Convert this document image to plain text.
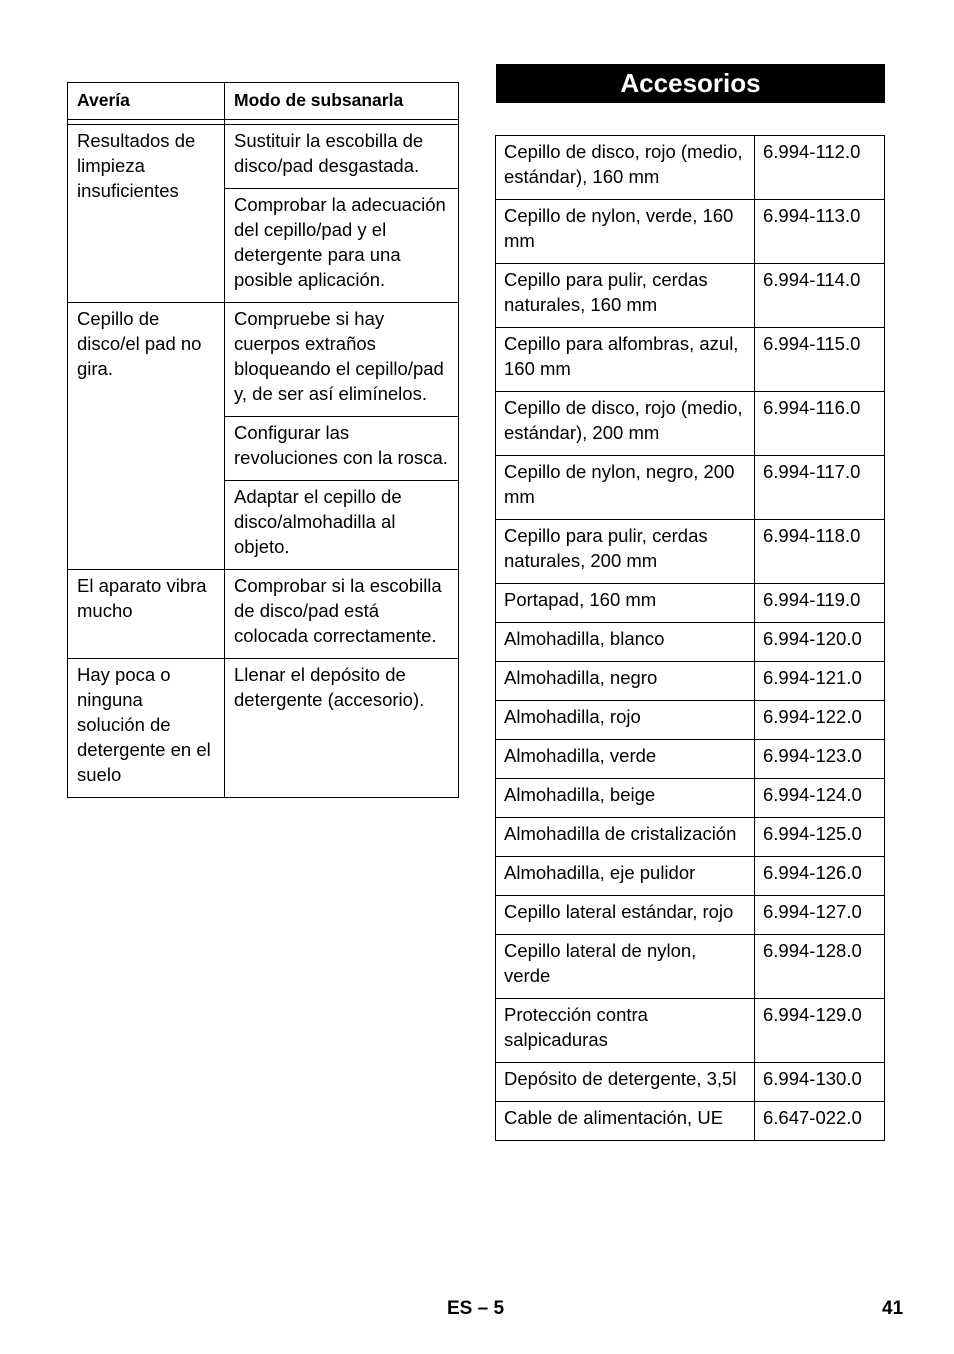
Avería	Modo de subsanarla

Resultados de limpieza insuficientes	Sustituir la escobilla de disco/pad desgastada.
	Comprobar la adecuación del cepillo/pad y el detergente para una posible aplicación.
Cepillo de disco/el pad no gira.	Compruebe si hay cuerpos extraños bloqueando el cepillo/pad y, de ser así elimínelos.
	Configurar las revoluciones con la rosca.
	Adaptar el cepillo de disco/almohadilla al objeto.
El aparato vibra mucho	Comprobar si la escobilla de disco/pad está colocada correctamente.
Hay poca o ninguna solución de detergente en el suelo	Llenar el depósito de detergente (accesorio).
Accesorios
Cepillo de disco, rojo (medio, estándar), 160 mm	6.994-112.0
Cepillo de nylon, verde, 160 mm	6.994-113.0
Cepillo para pulir, cerdas naturales, 160 mm	6.994-114.0
Cepillo para alfombras, azul, 160 mm	6.994-115.0
Cepillo de disco, rojo (medio, estándar), 200 mm	6.994-116.0
Cepillo de nylon, negro, 200 mm	6.994-117.0
Cepillo para pulir, cerdas naturales, 200 mm	6.994-118.0
Portapad, 160 mm	6.994-119.0
Almohadilla, blanco	6.994-120.0
Almohadilla, negro	6.994-121.0
Almohadilla, rojo	6.994-122.0
Almohadilla, verde	6.994-123.0
Almohadilla, beige	6.994-124.0
Almohadilla de cristalización	6.994-125.0
Almohadilla, eje pulidor	6.994-126.0
Cepillo lateral estándar, rojo	6.994-127.0
Cepillo lateral de nylon, verde	6.994-128.0
Protección contra salpicaduras	6.994-129.0
Depósito de detergente, 3,5l	6.994-130.0
Cable de alimentación, UE	6.647-022.0
ES – 5	41
